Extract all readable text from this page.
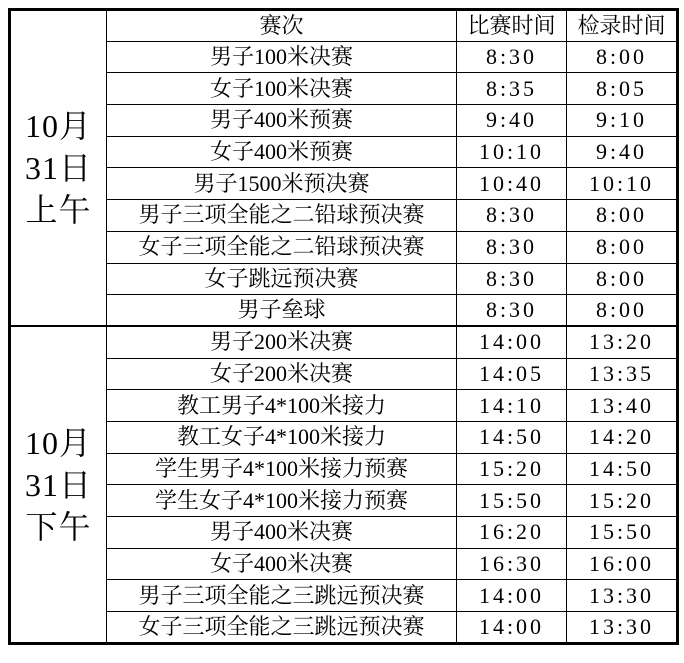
10月
31日
上午	赛次	比赛时间	检录时间
	男子100米决赛	8:30	8:00
	女子100米决赛	8:35	8:05
	男子400米预赛	9:40	9:10
	女子400米预赛	10:10	9:40
	男子1500米预决赛	10:40	10:10
	男子三项全能之二铅球预决赛	8:30	8:00
	女子三项全能之二铅球预决赛	8:30	8:00
	女子跳远预决赛	8:30	8:00
	男子垒球	8:30	8:00

10月
31日
下午	男子200米决赛	14:00	13:20
	女子200米决赛	14:05	13:35
	教工男子4*100米接力	14:10	13:40
	教工女子4*100米接力	14:50	14:20
	学生男子4*100米接力预赛	15:20	14:50
	学生女子4*100米接力预赛	15:50	15:20
	男子400米决赛	16:20	15:50
	女子400米决赛	16:30	16:00
	男子三项全能之三跳远预决赛	14:00	13:30
	女子三项全能之三跳远预决赛	14:00	13:30
